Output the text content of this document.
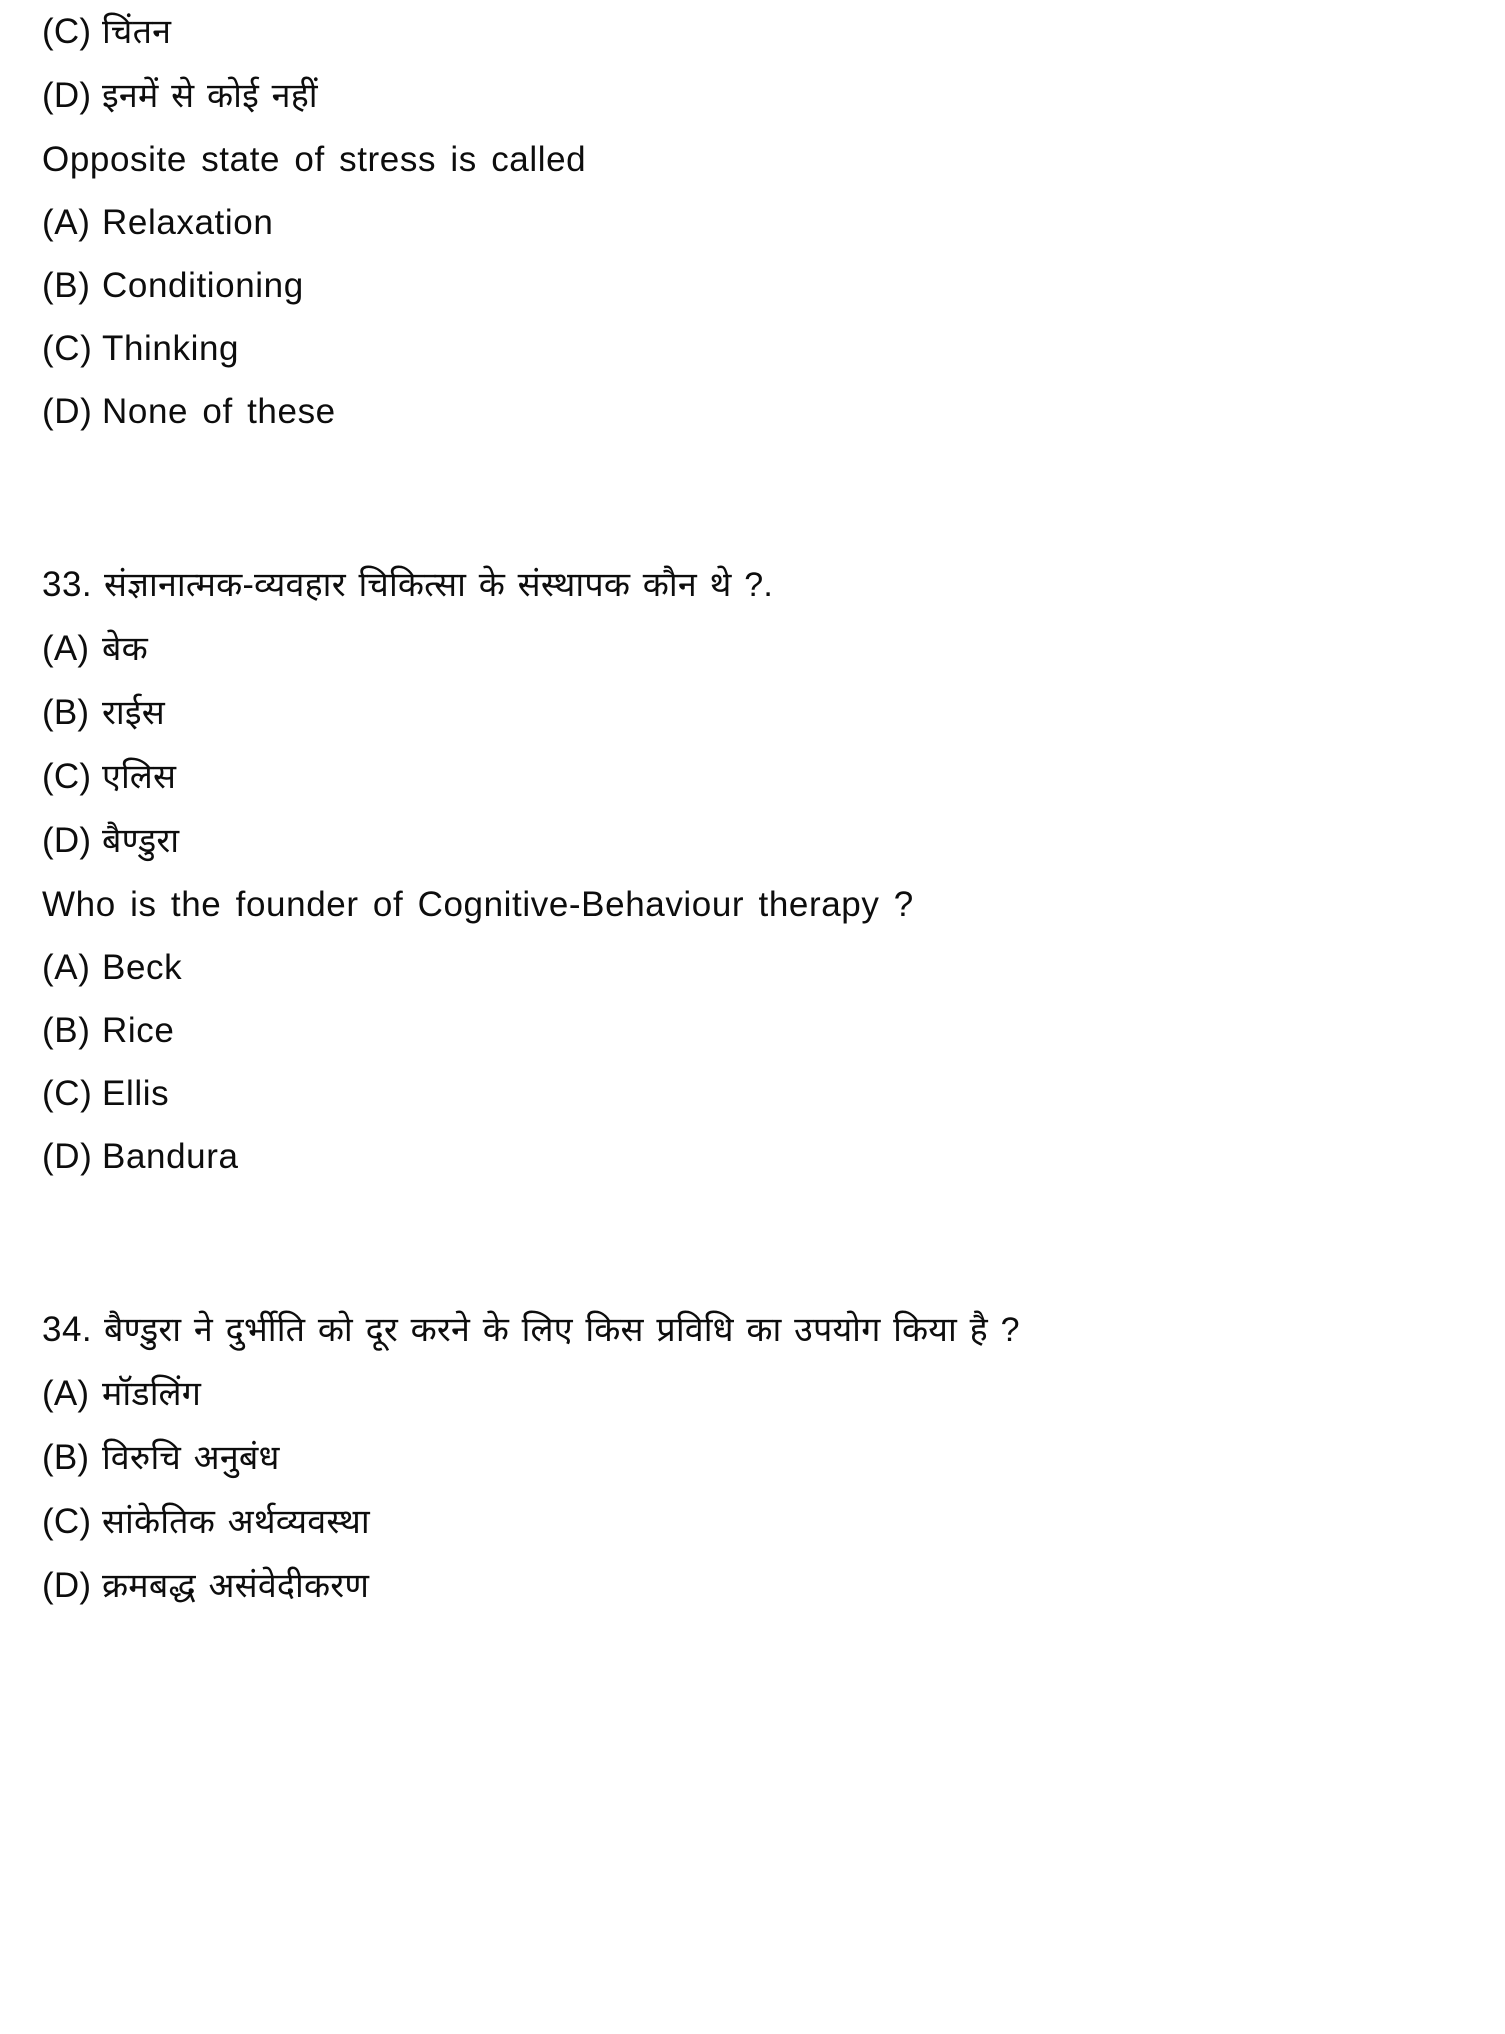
(C) चिंतन
(D) इनमें से कोई नहीं
Opposite state of stress is called
(A) Relaxation
(B) Conditioning
(C) Thinking
(D) None of these
33. संज्ञानात्मक-व्यवहार चिकित्सा के संस्थापक कौन थे ?.
(A) बेक
(B) राईस
(C) एलिस
(D) बैण्डुरा
Who is the founder of Cognitive-Behaviour therapy ?
(A) Beck
(B) Rice
(C) Ellis
(D) Bandura
34. बैण्डुरा ने दुर्भीति को दूर करने के लिए किस प्रविधि का उपयोग किया है ?
(A) मॉडलिंग
(B) विरुचि अनुबंध
(C) सांकेतिक अर्थव्यवस्था
(D) क्रमबद्ध असंवेदीकरण
